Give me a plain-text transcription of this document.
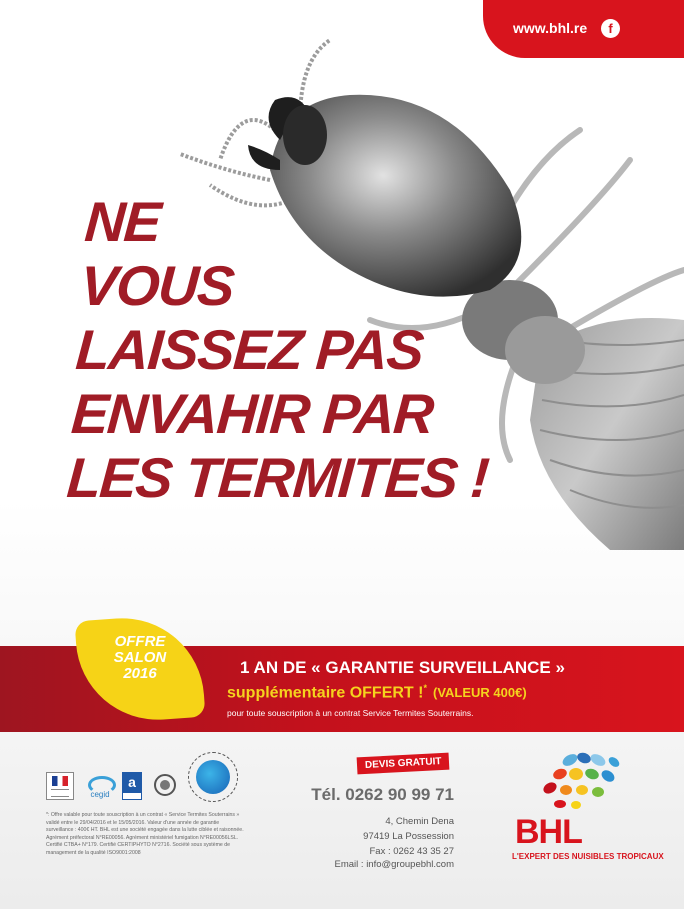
www.bhl.re	f
NE
VOUS
LAISSEZ PAS
ENVAHIR PAR
LES TERMITES !
OFFRE
SALON
2016	1 AN DE « GARANTIE SURVEILLANCE »
supplémentaire OFFERT !* (VALEUR 400€)
pour toute souscription à un contrat Service Termites Souterrains.
cegid
a

*: Offre valable pour toute souscription à un contrat « Service Termites Souterrains » validé entre le 29/04/2016 et le 15/05/2016. Valeur d'une année de garantie surveillance : 400€ HT. BHL est une société engagée dans la lutte ciblée et raisonnée. Agrément préfectoral N°RE00056. Agrément ministériel fumigation N°RE00056LSL. Certifié CTBA+ N°179. Certifié CERTIPHYTO N°2716. Société sous système de management de la qualité ISO9001:2008

DEVIS GRATUIT
Tél. 0262 90 99 71
4, Chemin Dena
97419 La Possession
Fax : 0262 43 35 27
Email : info@groupebhl.com
BHL
L'EXPERT DES NUISIBLES TROPICAUX
